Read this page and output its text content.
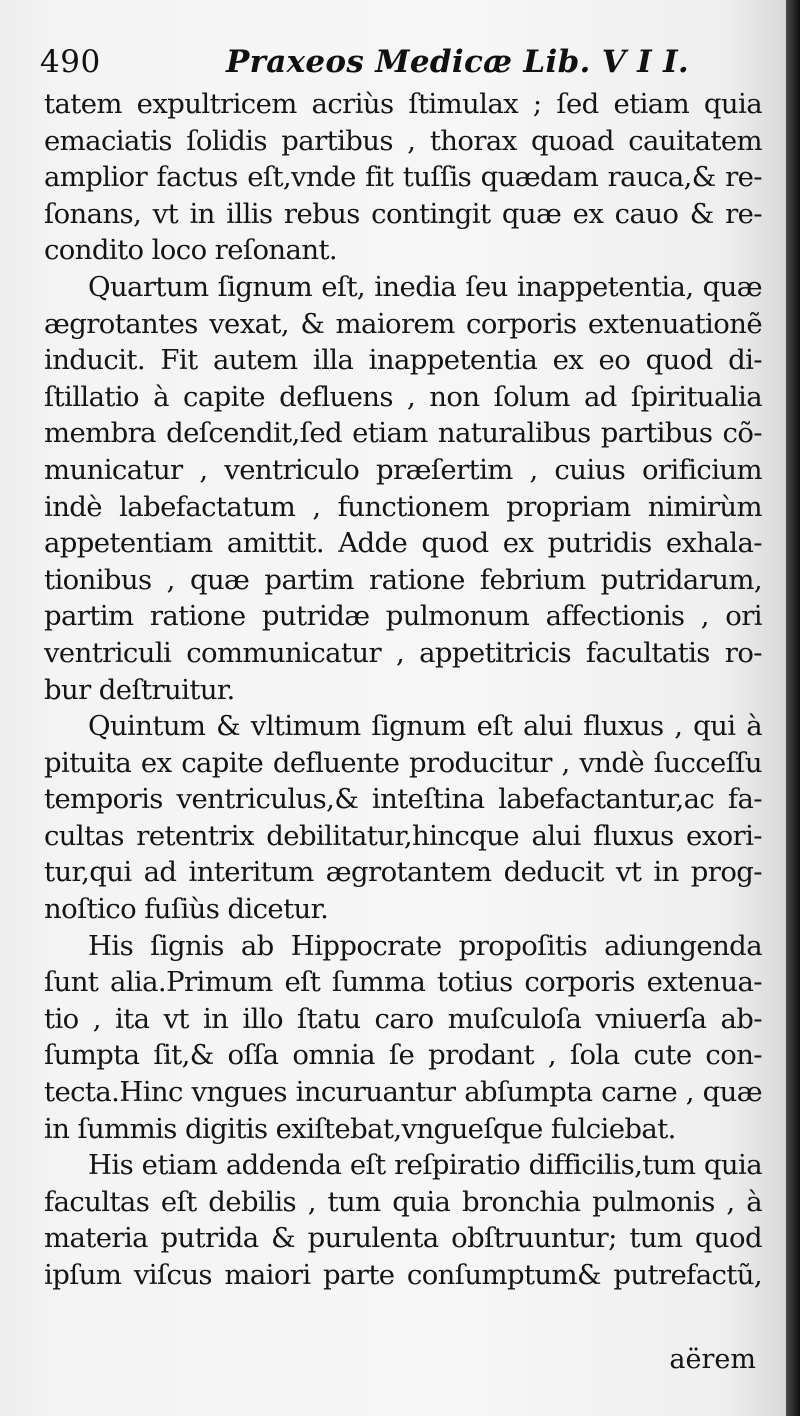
490	Praxeos Medicæ Lib. V I I.
tatem expultricem acriùs ſtimulax ; ſed etiam quia
emaciatis ſolidis partibus , thorax quoad cauitatem
amplior factus eſt,vnde fit tuſſis quædam rauca,& re-
ſonans, vt in illis rebus contingit quæ ex cauo & re-
condito loco reſonant.
Quartum ſignum eſt, inedia ſeu inappetentia, quæ
ægrotantes vexat, & maiorem corporis extenuationẽ
inducit. Fit autem illa inappetentia ex eo quod di-
ſtillatio à capite defluens , non ſolum ad ſpiritualia
membra deſcendit,ſed etiam naturalibus partibus cõ-
municatur , ventriculo præſertim , cuius orificium
indè labefactatum , functionem propriam nimirùm
appetentiam amittit. Adde quod ex putridis exhala-
tionibus , quæ partim ratione febrium putridarum,
partim ratione putridæ pulmonum affectionis , ori
ventriculi communicatur , appetitricis facultatis ro-
bur deſtruitur.
Quintum & vltimum ſignum eſt alui fluxus , qui à
pituita ex capite defluente producitur , vndè ſucceſſu
temporis ventriculus,& inteſtina labefactantur,ac fa-
cultas retentrix debilitatur,hincque alui fluxus exori-
tur,qui ad interitum ægrotantem deducit vt in prog-
noſtico fuſiùs dicetur.
His ſignis ab Hippocrate propoſitis adiungenda
ſunt alia.Primum eſt ſumma totius corporis extenua-
tio , ita vt in illo ſtatu caro muſculoſa vniuerſa ab-
ſumpta ſit,& oſſa omnia ſe prodant , ſola cute con-
tecta.Hinc vngues incuruantur abſumpta carne , quæ
in ſummis digitis exiſtebat,vngueſque fulciebat.
His etiam addenda eſt reſpiratio difficilis,tum quia
facultas eſt debilis , tum quia bronchia pulmonis , à
materia putrida & purulenta obſtruuntur; tum quod
ipſum viſcus maiori parte conſumptum& putrefactũ,
aërem
